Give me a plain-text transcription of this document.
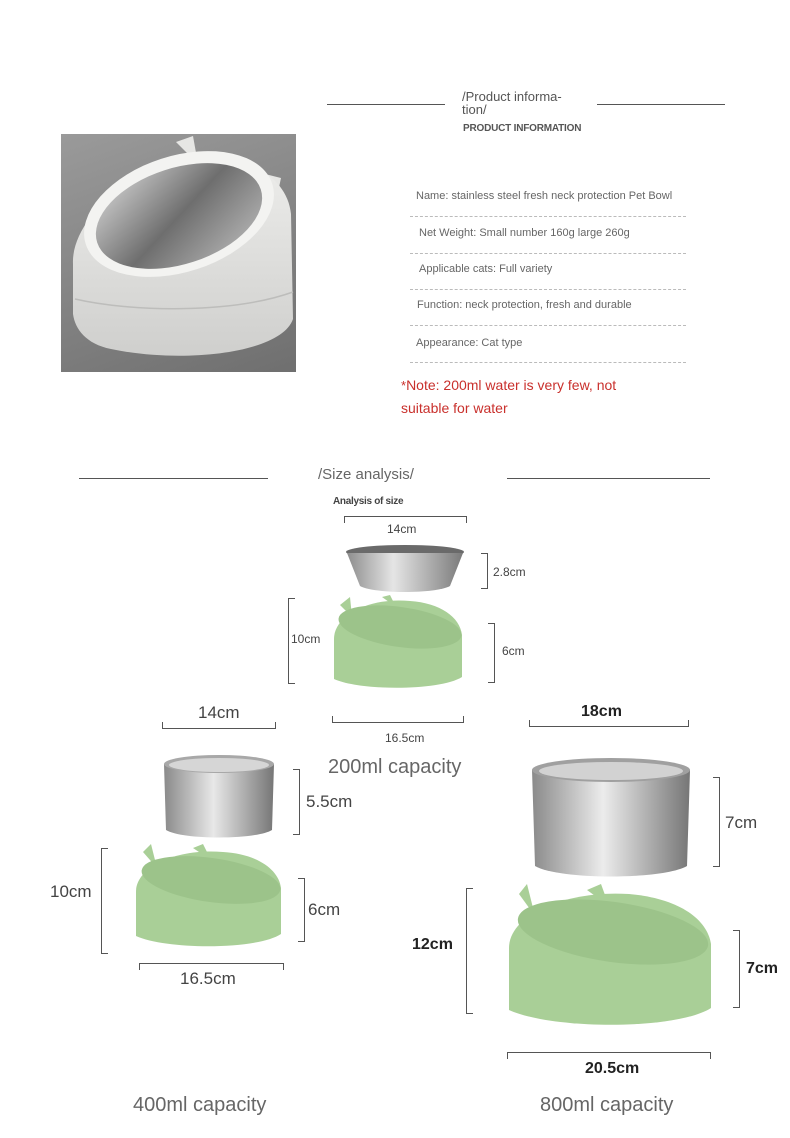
/Product informa-tion/
PRODUCT INFORMATION
Name: stainless steel fresh neck protection Pet Bowl
Net Weight: Small number 160g large 260g
Applicable cats: Full variety
Function: neck protection, fresh and durable
Appearance: Cat type
*Note: 200ml water is very few, not suitable for water
/Size analysis/
Analysis of size
14cm
2.8cm
10cm
6cm
16.5cm
200ml capacity
14cm
5.5cm
10cm
6cm
16.5cm
400ml capacity
18cm
7cm
12cm
7cm
20.5cm
800ml capacity
